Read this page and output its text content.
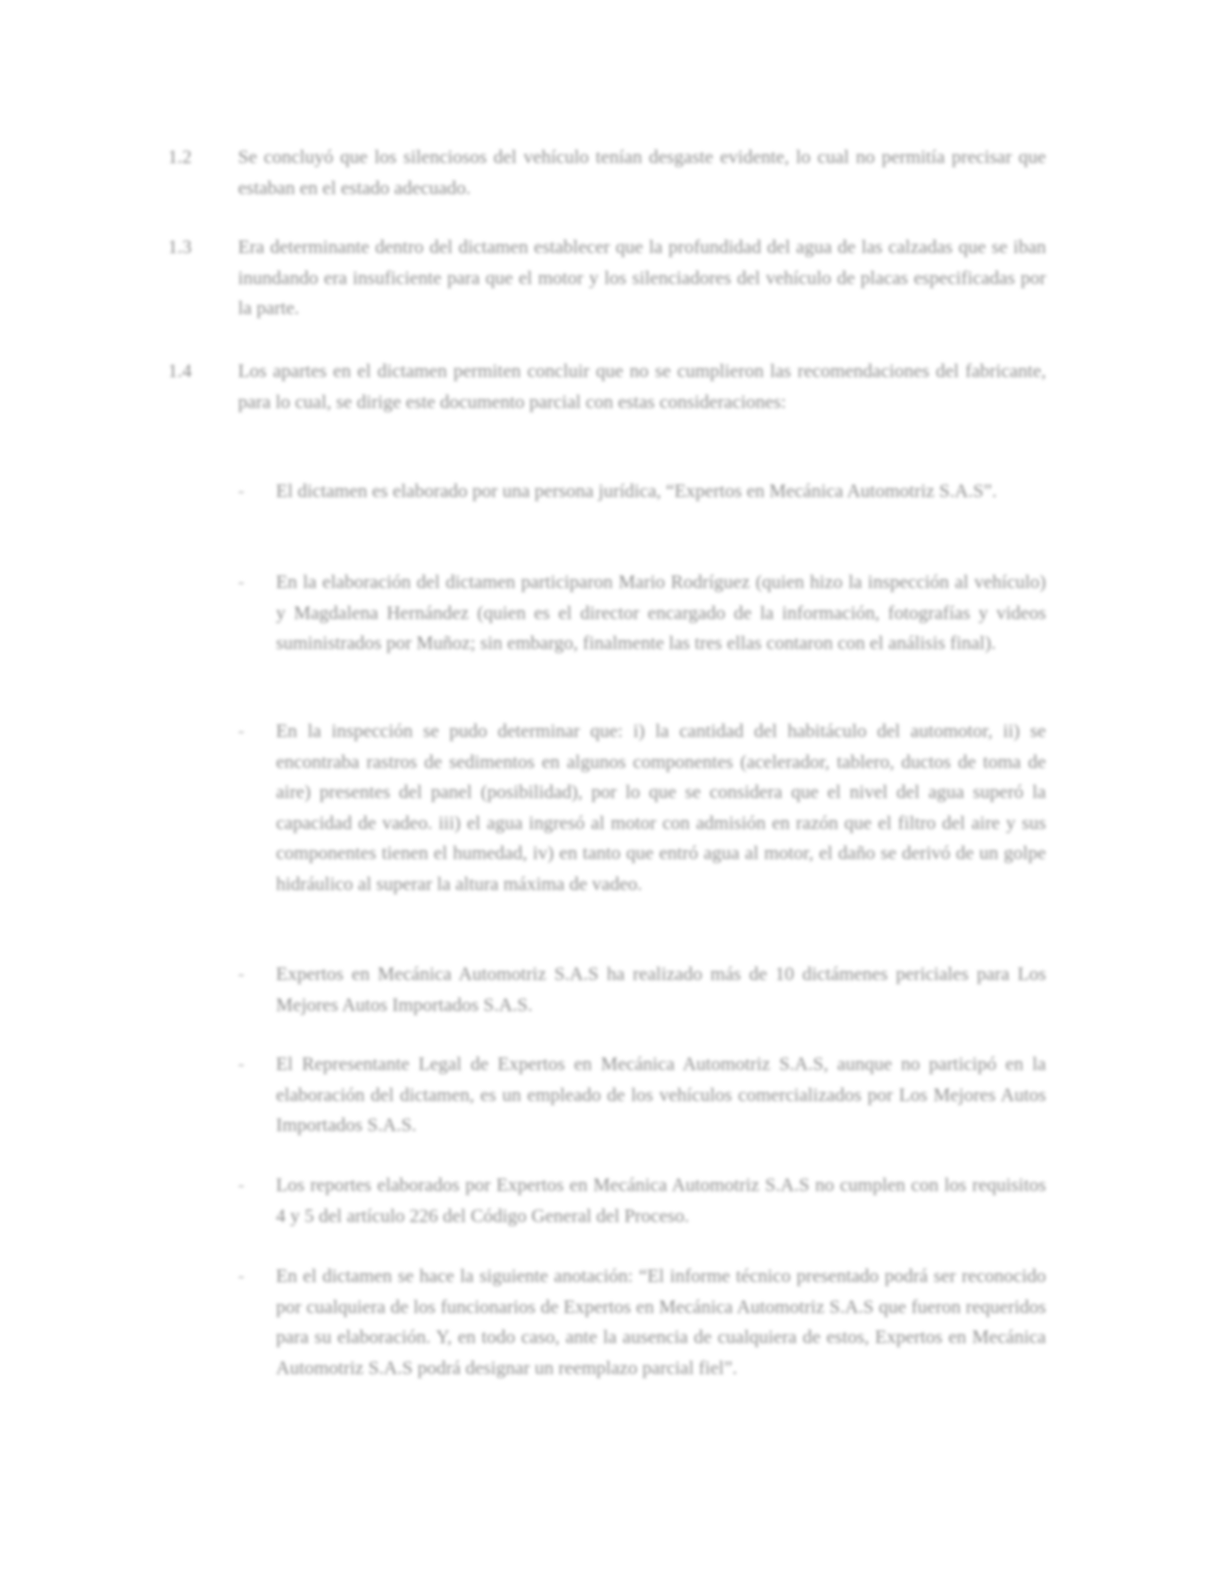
1.2	Se concluyó que los silenciosos del vehículo tenían desgaste evidente, lo cual no permitía precisar que estaban en el estado adecuado.
1.3	Era determinante dentro del dictamen establecer que la profundidad del agua de las calzadas que se iban inundando era insuficiente para que el motor y los silenciadores del vehículo de placas especificadas por la parte.
1.4	Los apartes en el dictamen permiten concluir que no se cumplieron las recomendaciones del fabricante, para lo cual, se dirige este documento parcial con estas consideraciones:
-	El dictamen es elaborado por una persona jurídica, “Expertos en Mecánica Automotriz S.A.S”.
-	En la elaboración del dictamen participaron Mario Rodríguez (quien hizo la inspección al vehículo) y Magdalena Hernández (quien es el director encargado de la información, fotografías y videos suministrados por Muñoz; sin embargo, finalmente las tres ellas contaron con el análisis final).
-	En la inspección se pudo determinar que: i) la cantidad del habitáculo del automotor, ii) se encontraba rastros de sedimentos en algunos componentes (acelerador, tablero, ductos de toma de aire) presentes del panel (posibilidad), por lo que se considera que el nivel del agua superó la capacidad de vadeo. iii) el agua ingresó al motor con admisión en razón que el filtro del aire y sus componentes tienen el humedad, iv) en tanto que entró agua al motor, el daño se derivó de un golpe hidráulico al superar la altura máxima de vadeo.
-	Expertos en Mecánica Automotriz S.A.S ha realizado más de 10 dictámenes periciales para Los Mejores Autos Importados S.A.S.
-	El Representante Legal de Expertos en Mecánica Automotriz S.A.S, aunque no participó en la elaboración del dictamen, es un empleado de los vehículos comercializados por Los Mejores Autos Importados S.A.S.
-	Los reportes elaborados por Expertos en Mecánica Automotriz S.A.S no cumplen con los requisitos 4 y 5 del artículo 226 del Código General del Proceso.
-	En el dictamen se hace la siguiente anotación: “El informe técnico presentado podrá ser reconocido por cualquiera de los funcionarios de Expertos en Mecánica Automotriz S.A.S que fueron requeridos para su elaboración. Y, en todo caso, ante la ausencia de cualquiera de estos, Expertos en Mecánica Automotriz S.A.S podrá designar un reemplazo parcial fiel”.
